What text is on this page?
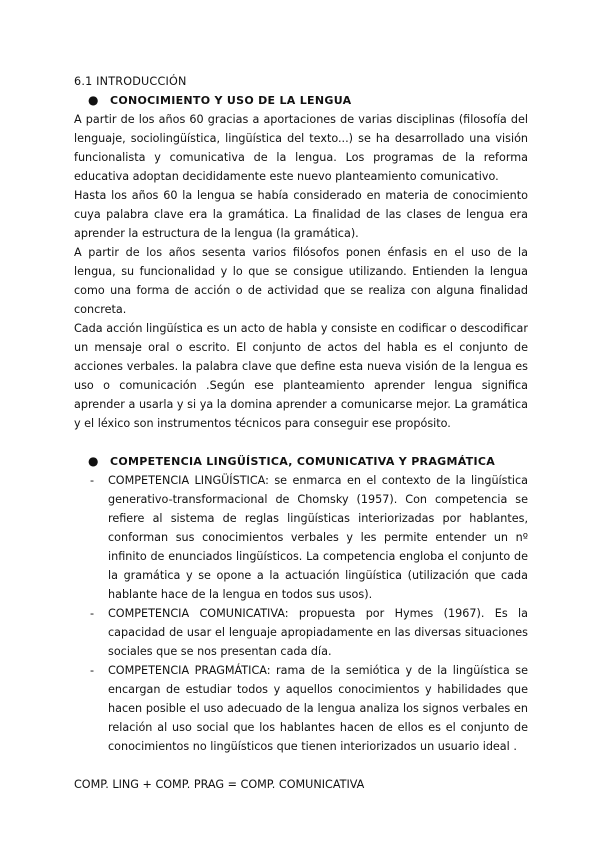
6.1 INTRODUCCIÓN

●	CONOCIMIENTO Y USO DE LA LENGUA

A partir de los años 60 gracias a aportaciones de varias disciplinas (filosofía del lenguaje, sociolingüística, lingüística del texto...) se ha desarrollado una visión funcionalista y comunicativa de la lengua. Los programas de la reforma educativa adoptan decididamente este nuevo planteamiento comunicativo.

Hasta los años 60 la lengua se había considerado en materia de conocimiento cuya palabra clave era la gramática. La finalidad de las clases de lengua era aprender la estructura de la lengua (la gramática).

A partir de los años sesenta varios filósofos ponen énfasis en el uso de la lengua, su funcionalidad y lo que se consigue utilizando. Entienden la lengua como una forma de acción o de actividad que se realiza con alguna finalidad concreta.

Cada acción lingüística es un acto de habla y consiste en codificar o descodificar un mensaje oral o escrito. El conjunto de actos del habla es el conjunto de acciones verbales. la palabra clave que define esta nueva visión de la lengua es uso o comunicación .Según ese planteamiento aprender lengua significa aprender a usarla y si ya la domina aprender a comunicarse mejor. La gramática y el léxico son instrumentos técnicos para conseguir ese propósito.

●	COMPETENCIA LINGÜÍSTICA, COMUNICATIVA Y PRAGMÁTICA
-	COMPETENCIA LINGÜÍSTICA: se enmarca en el contexto de la lingüística generativo-transformacional de Chomsky (1957). Con competencia se refiere al sistema de reglas lingüísticas interiorizadas por hablantes, conforman sus conocimientos verbales y les permite entender un nº infinito de enunciados lingüísticos. La competencia engloba el conjunto de la gramática y se opone a la actuación lingüística (utilización que cada hablante hace de la lengua en todos sus usos).
-	COMPETENCIA COMUNICATIVA: propuesta por Hymes (1967). Es la capacidad de usar el lenguaje apropiadamente en las diversas situaciones sociales que se nos presentan cada día.
-	COMPETENCIA PRAGMÁTICA: rama de la semiótica y de la lingüística se encargan de estudiar todos y aquellos conocimientos y habilidades que hacen posible el uso adecuado de la lengua analiza los signos verbales en relación al uso social que los hablantes hacen de ellos es el conjunto de conocimientos no lingüísticos que tienen interiorizados un usuario ideal .

COMP. LING + COMP. PRAG = COMP. COMUNICATIVA
